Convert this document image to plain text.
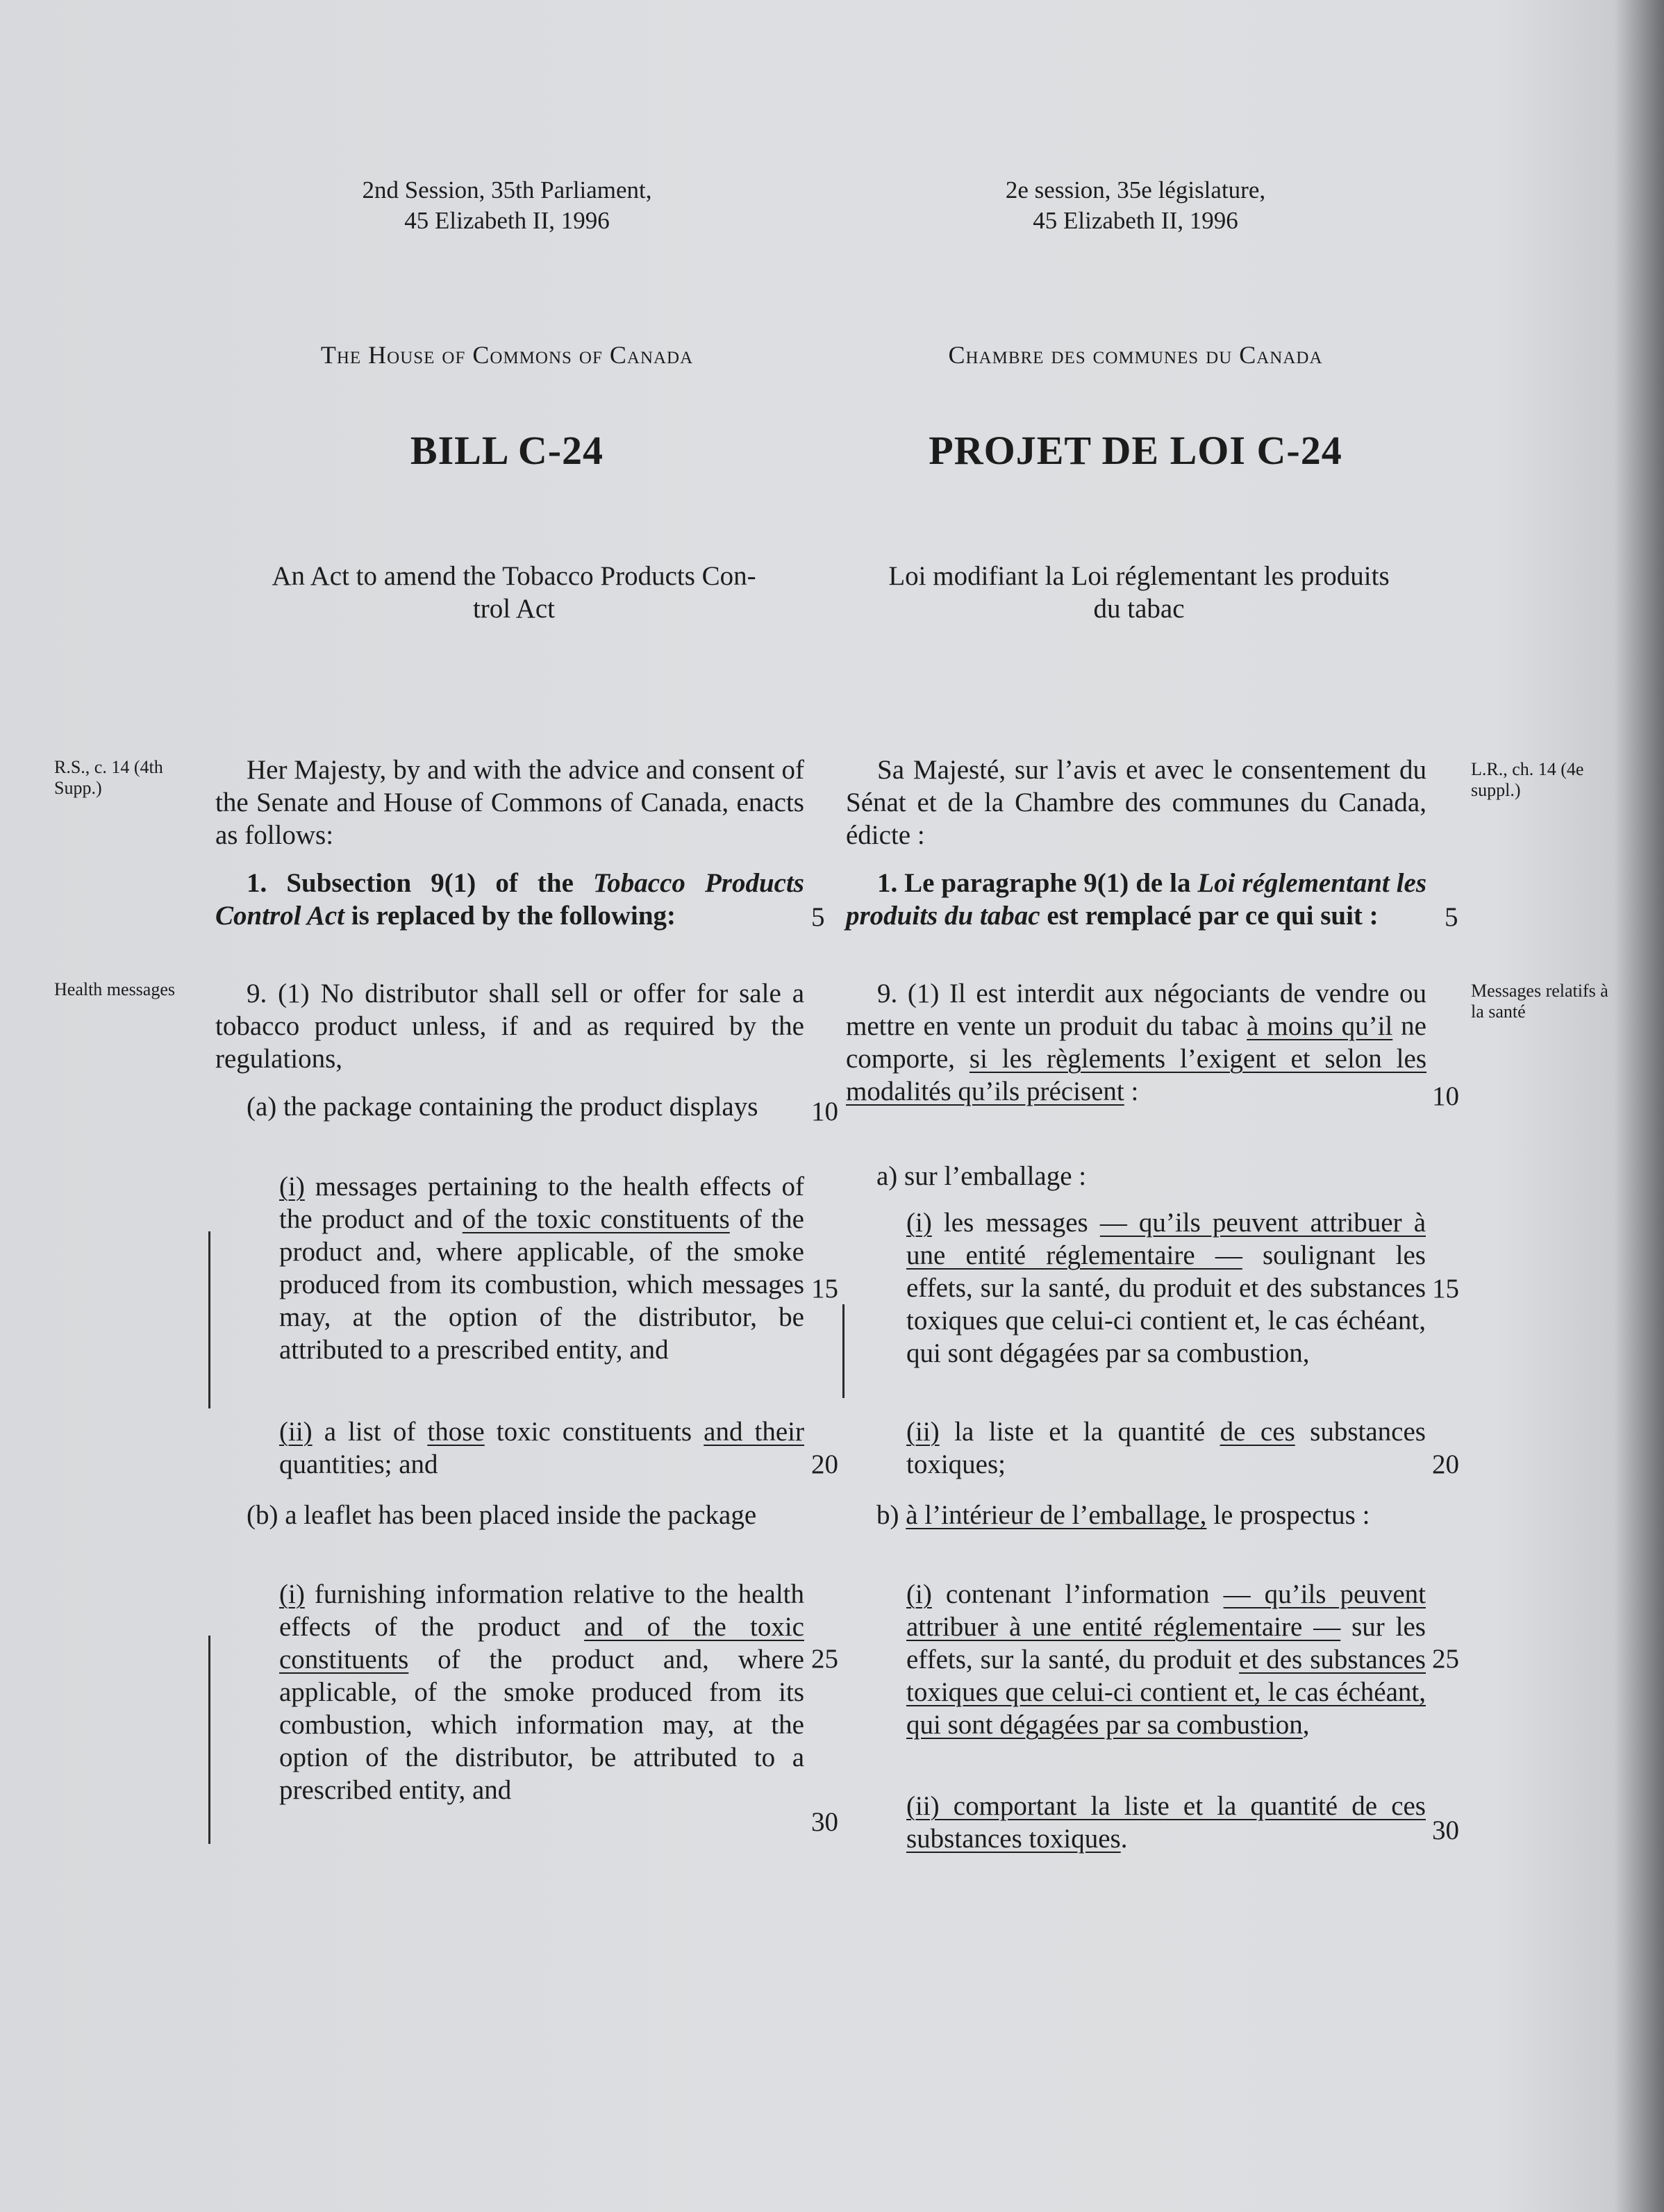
2nd Session, 35th Parliament,
45 Elizabeth II, 1996
2e session, 35e législature,
45 Elizabeth II, 1996
The House of Commons of Canada	Chambre des communes du Canada
BILL C-24	PROJET DE LOI C-24
An Act to amend the Tobacco Products Con-
trol Act
Loi modifiant la Loi réglementant les produits
du tabac
R.S., c. 14 (4th Supp.)
Health messages
L.R., ch. 14 (4e suppl.)
Messages relatifs à la santé
Her Majesty, by and with the advice and consent of the Senate and House of Commons of Canada, enacts as follows:
1. Subsection 9(1) of the Tobacco Products Control Act is replaced by the following:
9. (1) No distributor shall sell or offer for sale a tobacco product unless, if and as required by the regulations,
(a) the package containing the product displays
(i) messages pertaining to the health effects of the product and of the toxic constituents of the product and, where applicable, of the smoke produced from its combustion, which messages may, at the option of the distributor, be attributed to a prescribed entity, and
(ii) a list of those toxic constituents and their quantities; and
(b) a leaflet has been placed inside the package
(i) furnishing information relative to the health effects of the product and of the toxic constituents of the product and, where applicable, of the smoke produced from its combustion, which information may, at the option of the distributor, be attributed to a prescribed entity, and
5
10
15
20
25
30
Sa Majesté, sur l’avis et avec le consentement du Sénat et de la Chambre des communes du Canada, édicte :
1. Le paragraphe 9(1) de la Loi réglementant les produits du tabac est remplacé par ce qui suit :
9. (1) Il est interdit aux négociants de vendre ou mettre en vente un produit du tabac à moins qu’il ne comporte, si les règlements l’exigent et selon les modalités qu’ils précisent :
a) sur l’emballage :
(i) les messages — qu’ils peuvent attribuer à une entité réglementaire — soulignant les effets, sur la santé, du produit et des substances toxiques que celui-ci contient et, le cas échéant, qui sont dégagées par sa combustion,
(ii) la liste et la quantité de ces substances toxiques;
b) à l’intérieur de l’emballage, le prospectus :
(i) contenant l’information — qu’ils peuvent attribuer à une entité réglementaire — sur les effets, sur la santé, du produit et des substances toxiques que celui-ci contient et, le cas échéant, qui sont dégagées par sa combustion,
(ii) comportant la liste et la quantité de ces substances toxiques.
5
10
15
20
25
30
